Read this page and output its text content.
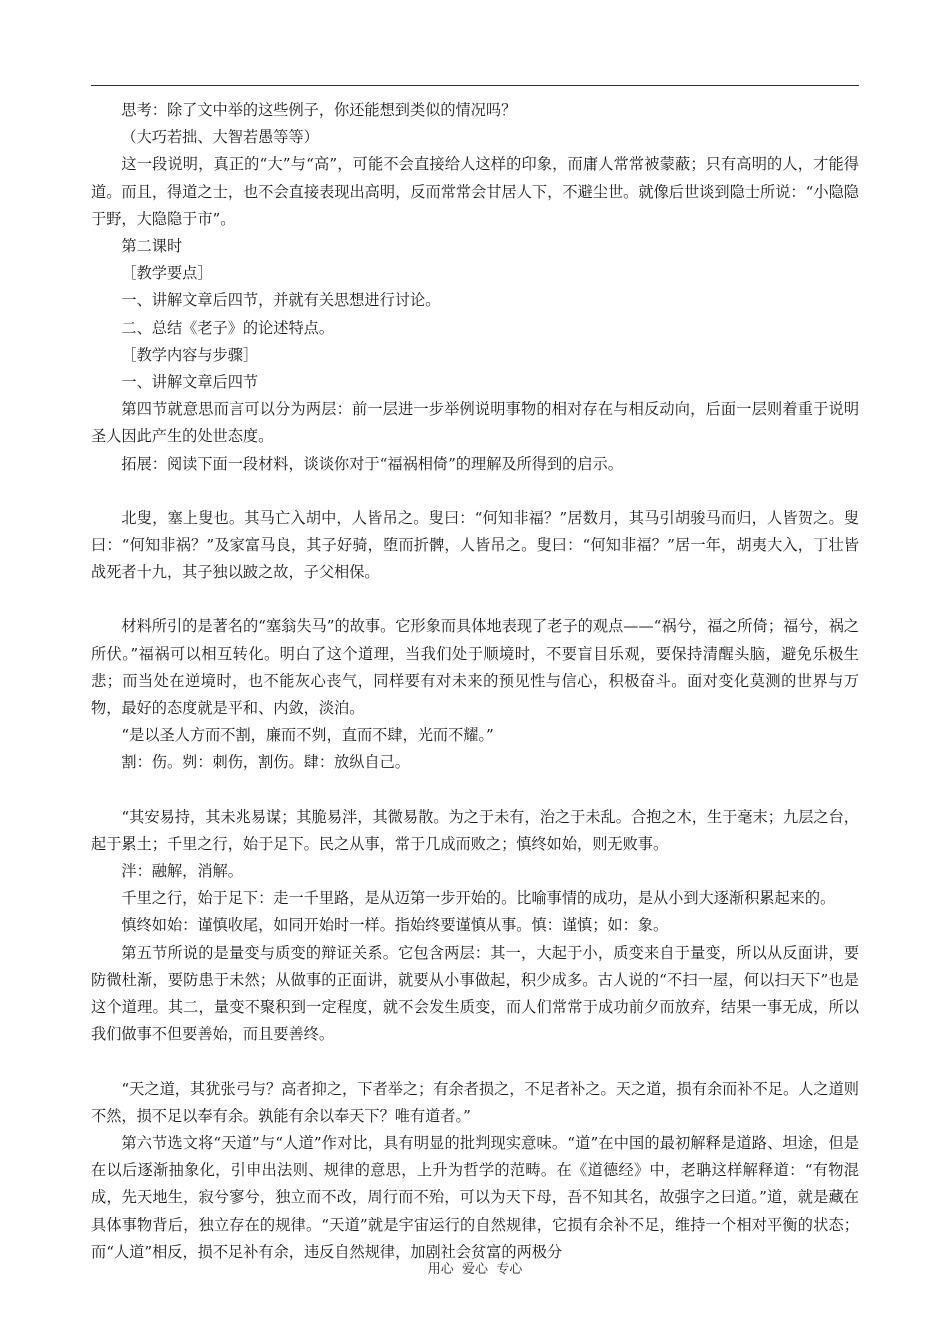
思考：除了文中举的这些例子，你还能想到类似的情况吗？

（大巧若拙、大智若愚等等）

这一段说明，真正的“大”与“高”，可能不会直接给人这样的印象，而庸人常常被蒙蔽；只有高明的人，才能得道。而且，得道之士，也不会直接表现出高明，反而常常会甘居人下，不避尘世。就像后世谈到隐士所说：“小隐隐于野，大隐隐于市”。

第二课时

［教学要点］

一、讲解文章后四节，并就有关思想进行讨论。

二、总结《老子》的论述特点。

［教学内容与步骤］

一、讲解文章后四节

第四节就意思而言可以分为两层：前一层进一步举例说明事物的相对存在与相反动向，后面一层则着重于说明圣人因此产生的处世态度。

拓展：阅读下面一段材料，谈谈你对于“福祸相倚”的理解及所得到的启示。

北叟，塞上叟也。其马亡入胡中，人皆吊之。叟曰：“何知非福？”居数月，其马引胡骏马而归，人皆贺之。叟曰：“何知非祸？”及家富马良，其子好骑，堕而折髀，人皆吊之。叟曰：“何知非福？”居一年，胡夷大入，丁壮皆战死者十九，其子独以跛之故，子父相保。

材料所引的是著名的“塞翁失马”的故事。它形象而具体地表现了老子的观点——“祸兮，福之所倚；福兮，祸之所伏。”福祸可以相互转化。明白了这个道理，当我们处于顺境时，不要盲目乐观，要保持清醒头脑，避免乐极生悲；而当处在逆境时，也不能灰心丧气，同样要有对未来的预见性与信心，积极奋斗。面对变化莫测的世界与万物，最好的态度就是平和、内敛，淡泊。

“是以圣人方而不割，廉而不刿，直而不肆，光而不耀。”

割：伤。刿：刺伤，割伤。肆：放纵自己。

“其安易持，其未兆易谋；其脆易泮，其微易散。为之于未有，治之于未乱。合抱之木，生于毫末；九层之台，起于累土；千里之行，始于足下。民之从事，常于几成而败之；慎终如始，则无败事。

泮：融解，消解。

千里之行，始于足下：走一千里路，是从迈第一步开始的。比喻事情的成功，是从小到大逐渐积累起来的。

慎终如始：谨慎收尾，如同开始时一样。指始终要谨慎从事。慎：谨慎；如：象。

第五节所说的是量变与质变的辩证关系。它包含两层：其一，大起于小，质变来自于量变，所以从反面讲，要防微杜渐，要防患于未然；从做事的正面讲，就要从小事做起，积少成多。古人说的“不扫一屋，何以扫天下”也是这个道理。其二，量变不聚积到一定程度，就不会发生质变，而人们常常于成功前夕而放弃，结果一事无成，所以我们做事不但要善始，而且要善终。

“天之道，其犹张弓与？高者抑之，下者举之；有余者损之，不足者补之。天之道，损有余而补不足。人之道则不然，损不足以奉有余。孰能有余以奉天下？唯有道者。”

第六节选文将“天道”与“人道”作对比，具有明显的批判现实意味。“道”在中国的最初解释是道路、坦途，但是在以后逐渐抽象化，引申出法则、规律的意思，上升为哲学的范畴。在《道德经》中，老聃这样解释道：“有物混成，先天地生，寂兮寥兮，独立而不改，周行而不殆，可以为天下母，吾不知其名，故强字之曰道。”道，就是藏在具体事物背后，独立存在的规律。“天道”就是宇宙运行的自然规律，它损有余补不足，维持一个相对平衡的状态；而“人道”相反，损不足补有余，违反自然规律，加剧社会贫富的两极分

用心  爱心  专心
